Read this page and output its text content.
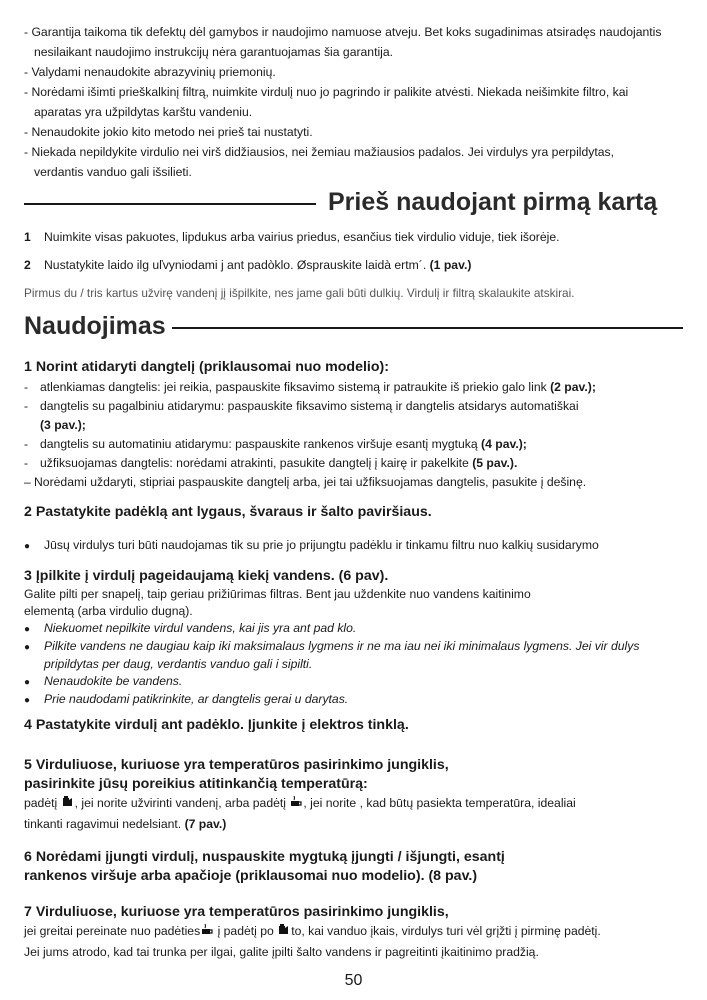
- Garantija taikoma tik defektų dėl gamybos ir naudojimo namuose atveju. Bet koks sugadinimas atsiradęs naudojantis
nesilaikant naudojimo instrukcijų nėra garantuojamas šia garantija.
- Valydami nenaudokite abrazyvinių priemonių.
- Norėdami išimti prieškalkinį filtrą, nuimkite virdulį nuo jo pagrindo ir palikite atvėsti. Niekada neišimkite filtro, kai
aparatas yra užpildytas karštu vandeniu.
- Nenaudokite jokio kito metodo nei prieš tai nustatyti.
- Niekada nepildykite virdulio nei virš didžiausios, nei žemiau mažiausios padalos. Jei virdulys yra perpildytas,
verdantis vanduo gali išsilieti.
Prieš naudojant pirmą kartą
1 Nuimkite visas pakuotes, lipdukus arba vairius priedus, esančius tiek virdulio viduje, tiek išorėje.
2 Nustatykite laido ilg uľvyniodami j ant padòklo. Øsprauskite laidà ertm´. (1 pav.)
Pirmus du / tris kartus užvirę vandenį jį išpilkite, nes jame gali būti dulkių. Virdulį ir filtrą skalaukite atskirai.
Naudojimas
1 Norint atidaryti dangtelį (priklausomai nuo modelio):
- atlenkiamas dangtelis: jei reikia, paspauskite fiksavimo sistemą ir patraukite iš priekio galo link (2 pav.);
- dangtelis su pagalbiniu atidarymu: paspauskite fiksavimo sistemą ir dangtelis atsidarys automatiškai
(3 pav.);
- dangtelis su automatiniu atidarymu: paspauskite rankenos viršuje esantį mygtuką (4 pav.);
- užfiksuojamas dangtelis: norėdami atrakinti, pasukite dangtelį į kairę ir pakelkite (5 pav.).
– Norėdami uždaryti, stipriai paspauskite dangtelį arba, jei tai užfiksuojamas dangtelis, pasukite į dešinę.
2 Pastatykite padėklą ant lygaus, švaraus ir šalto paviršiaus.
● Jūsų virdulys turi būti naudojamas tik su prie jo prijungtu padėklu ir tinkamu filtru nuo kalkių susidarymo
3 Įpilkite į virdulį pageidaujamą kiekį vandens. (6 pav).
Galite pilti per snapelį, taip geriau prižiūrimas filtras. Bent jau uždenkite nuo vandens kaitinimo
elementą (arba virdulio dugną).
● Niekuomet nepilkite virdul vandens, kai jis yra ant pad klo.
● Pilkite vandens ne daugiau kaip iki maksimalaus lygmens ir ne ma iau nei iki minimalaus lygmens. Jei vir dulys
pripildytas per daug, verdantis vanduo gali i sipilti.
● Nenaudokite be vandens.
● Prie naudodami patikrinkite, ar dangtelis gerai u darytas.
4 Pastatykite virdulį ant padėklo. Įjunkite į elektros tinklą.
5 Virduliuose, kuriuose yra temperatūros pasirinkimo jungiklis,
pasirinkite jūsų poreikius atitinkančią temperatūrą:
padėtį , jei norite užvirinti vandenį, arba padėtį , jei norite , kad būtų pasiekta temperatūra, idealiai
tinkanti ragavimui nedelsiant. (7 pav.)
6 Norėdami įjungti virdulį, nuspauskite mygtuką įjungti / išjungti, esantį
rankenos viršuje arba apačioje (priklausomai nuo modelio). (8 pav.)
7 Virduliuose, kuriuose yra temperatūros pasirinkimo jungiklis,
jei greitai pereinate nuo padėties į padėtį po to, kai vanduo įkais, virdulys turi vėl grįžti į pirminę padėtį.
Jei jums atrodo, kad tai trunka per ilgai, galite įpilti šalto vandens ir pagreitinti įkaitinimo pradžią.
50
